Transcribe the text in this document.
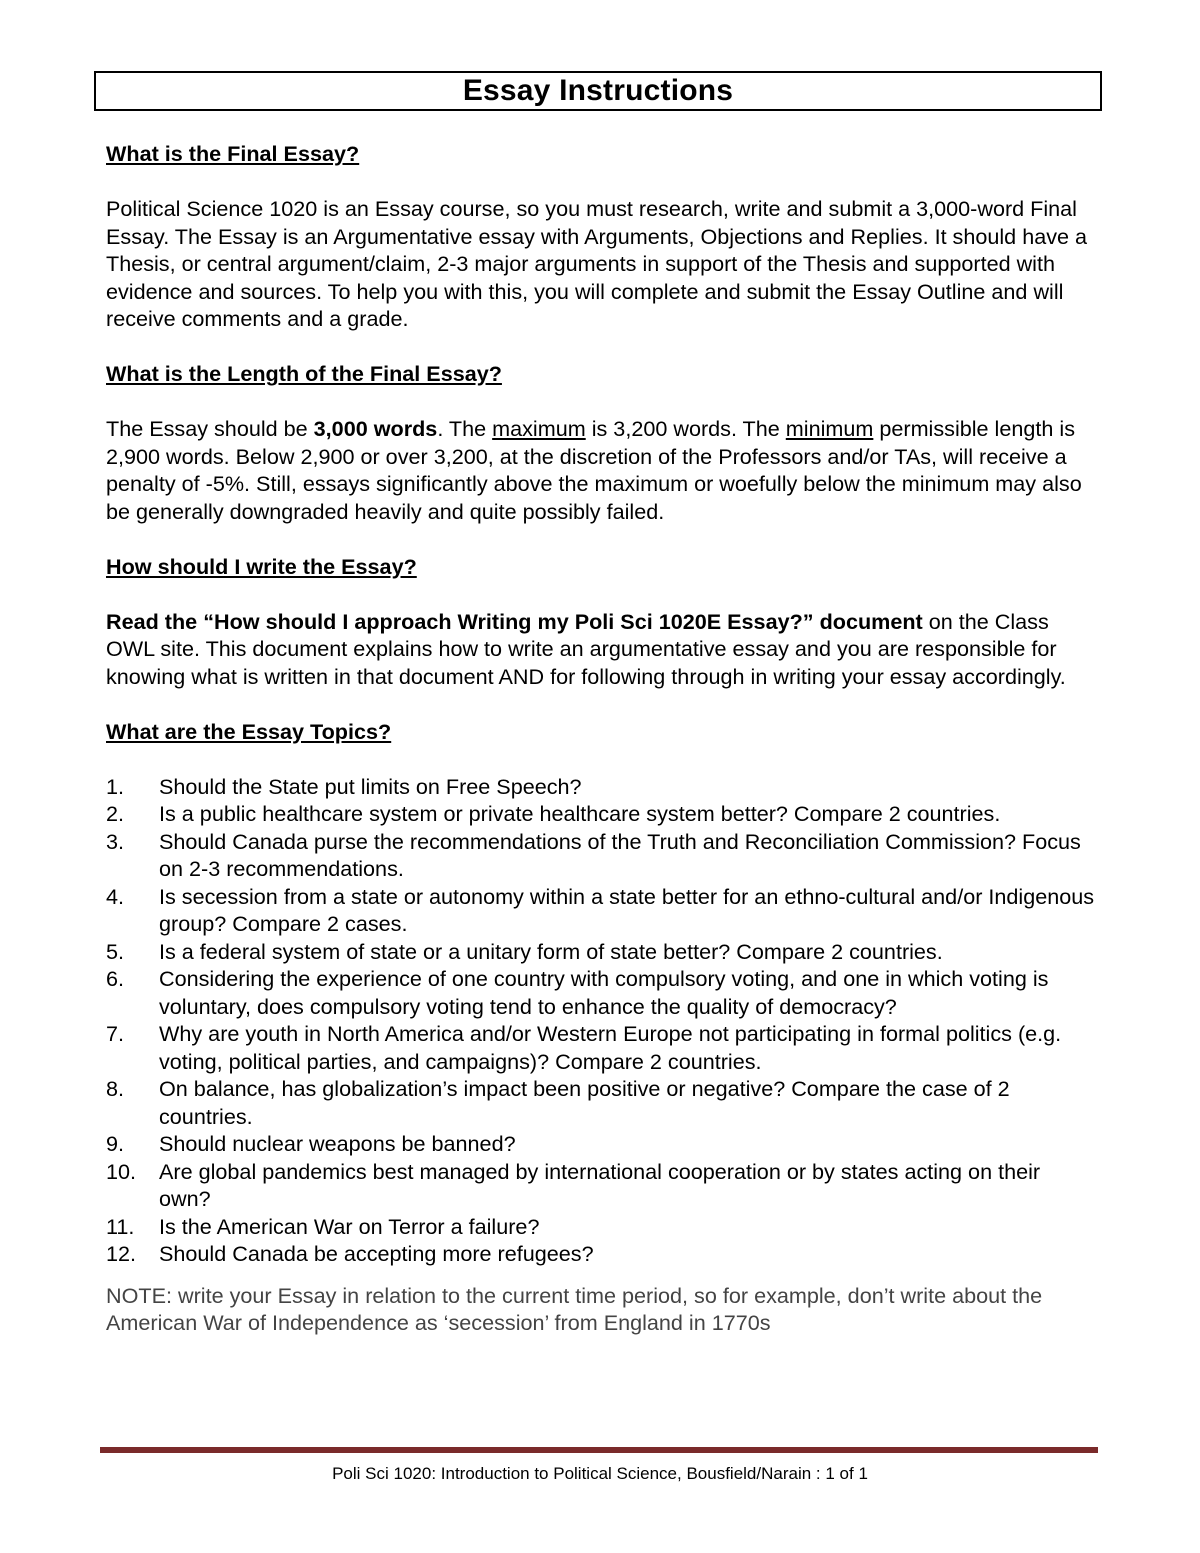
Essay Instructions

What is the Final Essay?

Political Science 1020 is an Essay course, so you must research, write and submit a 3,000-word Final Essay. The Essay is an Argumentative essay with Arguments, Objections and Replies. It should have a Thesis, or central argument/claim, 2-3 major arguments in support of the Thesis and supported with evidence and sources. To help you with this, you will complete and submit the Essay Outline and will receive comments and a grade.

What is the Length of the Final Essay?

The Essay should be 3,000 words. The maximum is 3,200 words. The minimum permissible length is 2,900 words. Below 2,900 or over 3,200, at the discretion of the Professors and/or TAs, will receive a penalty of -5%. Still, essays significantly above the maximum or woefully below the minimum may also be generally downgraded heavily and quite possibly failed.

How should I write the Essay?

Read the “How should I approach Writing my Poli Sci 1020E Essay?” document on the Class OWL site. This document explains how to write an argumentative essay and you are responsible for knowing what is written in that document AND for following through in writing your essay accordingly.

What are the Essay Topics?

1.	Should the State put limits on Free Speech?
2.	Is a public healthcare system or private healthcare system better? Compare 2 countries.
3.	Should Canada purse the recommendations of the Truth and Reconciliation Commission? Focus on 2-3 recommendations.
4.	Is secession from a state or autonomy within a state better for an ethno-cultural and/or Indigenous group? Compare 2 cases.
5.	Is a federal system of state or a unitary form of state better? Compare 2 countries.
6.	Considering the experience of one country with compulsory voting, and one in which voting is voluntary, does compulsory voting tend to enhance the quality of democracy?
7.	Why are youth in North America and/or Western Europe not participating in formal politics (e.g. voting, political parties, and campaigns)? Compare 2 countries.
8.	On balance, has globalization’s impact been positive or negative? Compare the case of 2 countries.
9.	Should nuclear weapons be banned?
10.	Are global pandemics best managed by international cooperation or by states acting on their own?
11.	Is the American War on Terror a failure?
12.	Should Canada be accepting more refugees?

NOTE: write your Essay in relation to the current time period, so for example, don’t write about the American War of Independence as ‘secession’ from England in 1770s

Poli Sci 1020: Introduction to Political Science, Bousfield/Narain : 1 of 1
